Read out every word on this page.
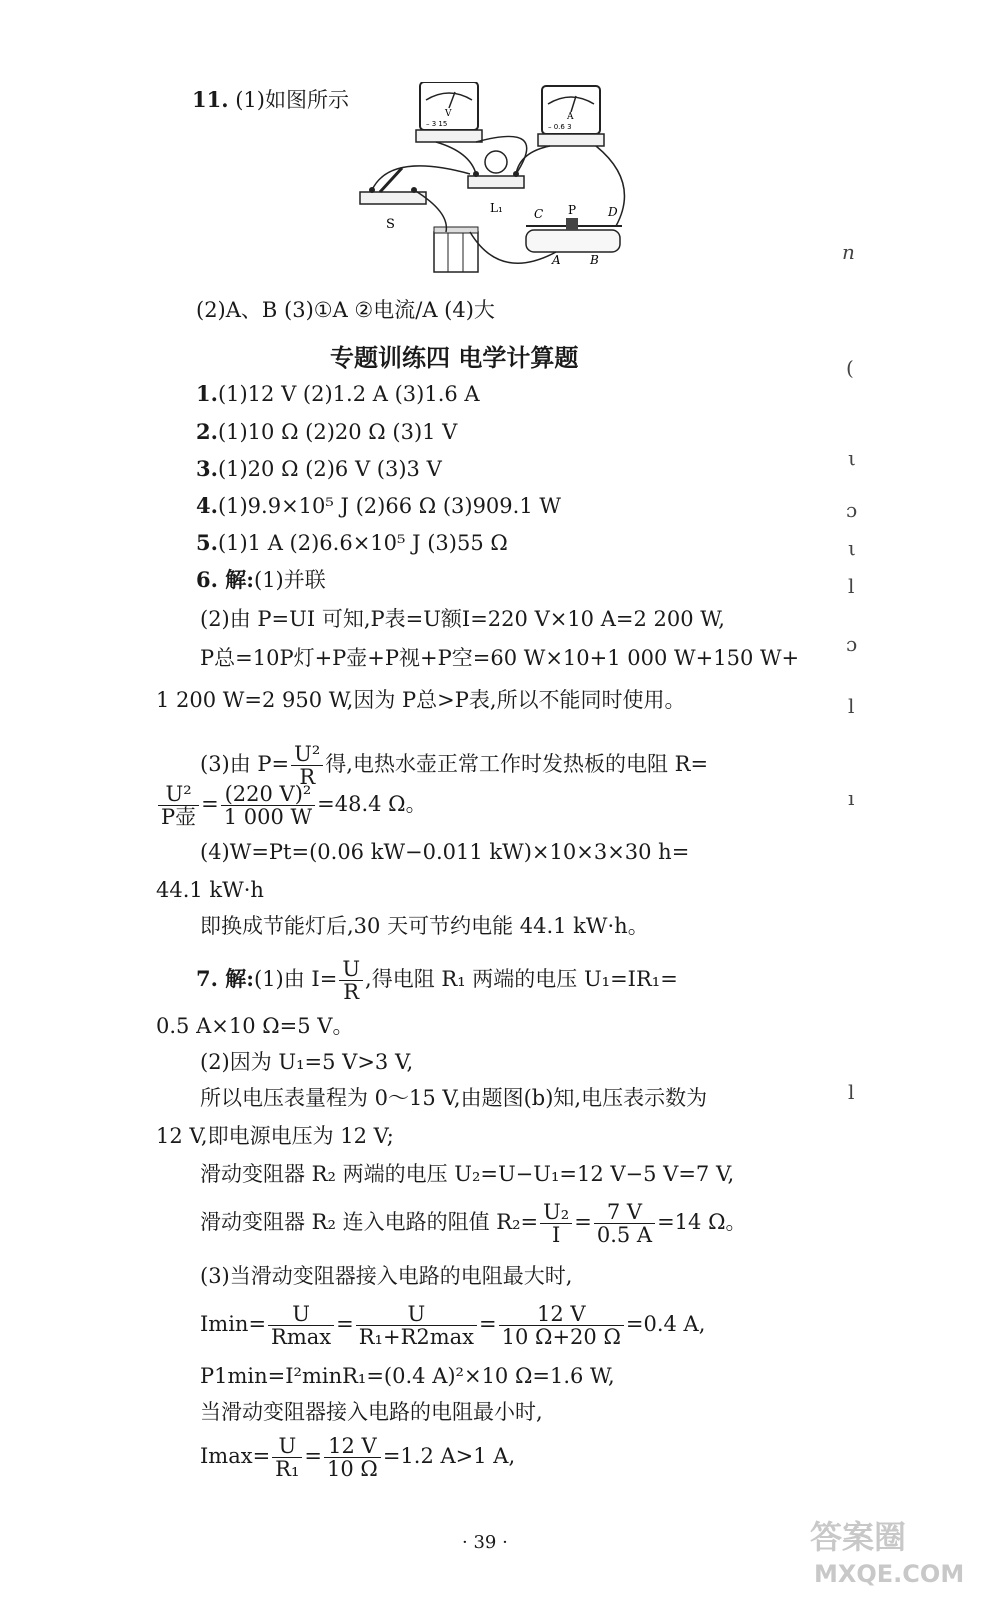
11. (1)如图所示
V
– 3 15
A
– 0.6 3
S
L₁	C P	D
A B
(2)A、B (3)①A ②电流/A (4)大
专题训练四 电学计算题
1.(1)12 V (2)1.2 A (3)1.6 A
2.(1)10 Ω (2)20 Ω (3)1 V
3.(1)20 Ω (2)6 V (3)3 V
4.(1)9.9×10⁵ J (2)66 Ω (3)909.1 W
5.(1)1 A (2)6.6×10⁵ J (3)55 Ω
6. 解:(1)并联
(2)由 P=UI 可知,P表=U额I=220 V×10 A=2 200 W,
P总=10P灯+P壶+P视+P空=60 W×10+1 000 W+150 W+
1 200 W=2 950 W,因为 P总>P表,所以不能同时使用。
(3)由 $P= \frac{\text{U²}}{R}$ 得,电热水壶正常工作时发热板的电阻 R=
$\frac{\text{U²}}{\text{P壶}} = \frac{\text{(220 V)²}}{1 000 W} =48.4$ Ω。
(4)W=Pt=(0.06 kW−0.011 kW)×10×3×30 h=
44.1 kW·h
即换成节能灯后,30 天可节约电能 44.1 kW·h。
7. 解:(1)由 $I= \frac{U}{R}$ ,得电阻 R₁ 两端的电压 U₁=IR₁=
0.5 A×10 Ω=5 V。
(2)因为 U₁=5 V>3 V,
所以电压表量程为 0～15 V,由题图(b)知,电压表示数为
12 V,即电源电压为 12 V;
滑动变阻器 R₂ 两端的电压 U₂=U−U₁=12 V−5 V=7 V,
滑动变阻器 R₂ 连入电路的阻值 $R_2= \frac{\text{U₂}}{I} = \frac{7 V}{0.5 A} =14$ Ω。
(3)当滑动变阻器接入电路的电阻最大时,
$Imin= \frac{U}{Rmax} = \frac{U}{\text{R₁+R2max}} = \frac{12 V}{10 \Omega+20 \Omega} =0.4$ A,
P1min=I²minR₁=(0.4 A)²×10 Ω=1.6 W,
当滑动变阻器接入电路的电阻最小时,
$Imax= \frac{U}{\text{R₁}} = \frac{12 V}{10 \Omega} =1.2$ A>1 A,
· 39 ·
n
(
ι
ɔ
ι
l
ɔ
l
ı
l
答案圈
MXQE.COM
